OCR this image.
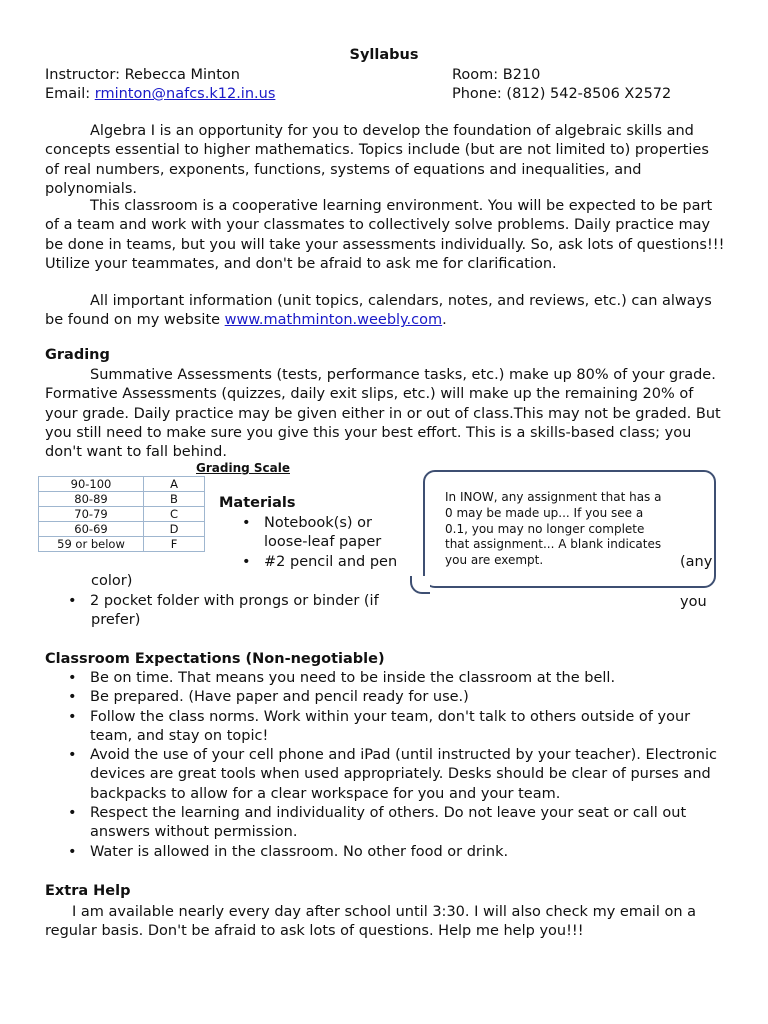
Syllabus
Instructor: Rebecca Minton	Room: B210
Email: rminton@nafcs.k12.in.us	Phone: (812) 542-8506 X2572
Algebra I is an opportunity for you to develop the foundation of algebraic skills and concepts essential to higher mathematics. Topics include (but are not limited to) properties of real numbers, exponents, functions, systems of equations and inequalities, and polynomials.
This classroom is a cooperative learning environment. You will be expected to be part of a team and work with your classmates to collectively solve problems. Daily practice may be done in teams, but you will take your assessments individually. So, ask lots of questions!!! Utilize your teammates, and don't be afraid to ask me for clarification.
All important information (unit topics, calendars, notes, and reviews, etc.) can always be found on my website www.mathminton.weebly.com.
Grading
Summative Assessments (tests, performance tasks, etc.) make up 80% of your grade. Formative Assessments (quizzes, daily exit slips, etc.) will make up the remaining 20% of your grade. Daily practice may be given either in or out of class.This may not be graded. But you still need to make sure you give this your best effort. This is a skills-based class; you don't want to fall behind.
Grading Scale
90-100	A
80-89	B
70-79	C
60-69	D
59 or below	F
Materials
• Notebook(s) or loose-leaf paper
• #2 pencil and pen	(any
color)
• 2 pocket folder with prongs or binder (if	you
prefer)
In INOW, any assignment that has a 0 may be made up... If you see a 0.1, you may no longer complete that assignment... A blank indicates you are exempt.
Classroom Expectations (Non-negotiable)
• Be on time. That means you need to be inside the classroom at the bell.
• Be prepared. (Have paper and pencil ready for use.)
• Follow the class norms. Work within your team, don't talk to others outside of your team, and stay on topic!
• Avoid the use of your cell phone and iPad (until instructed by your teacher). Electronic devices are great tools when used appropriately. Desks should be clear of purses and backpacks to allow for a clear workspace for you and your team.
• Respect the learning and individuality of others. Do not leave your seat or call out answers without permission.
• Water is allowed in the classroom. No other food or drink.
Extra Help
I am available nearly every day after school until 3:30. I will also check my email on a regular basis. Don't be afraid to ask lots of questions. Help me help you!!!
